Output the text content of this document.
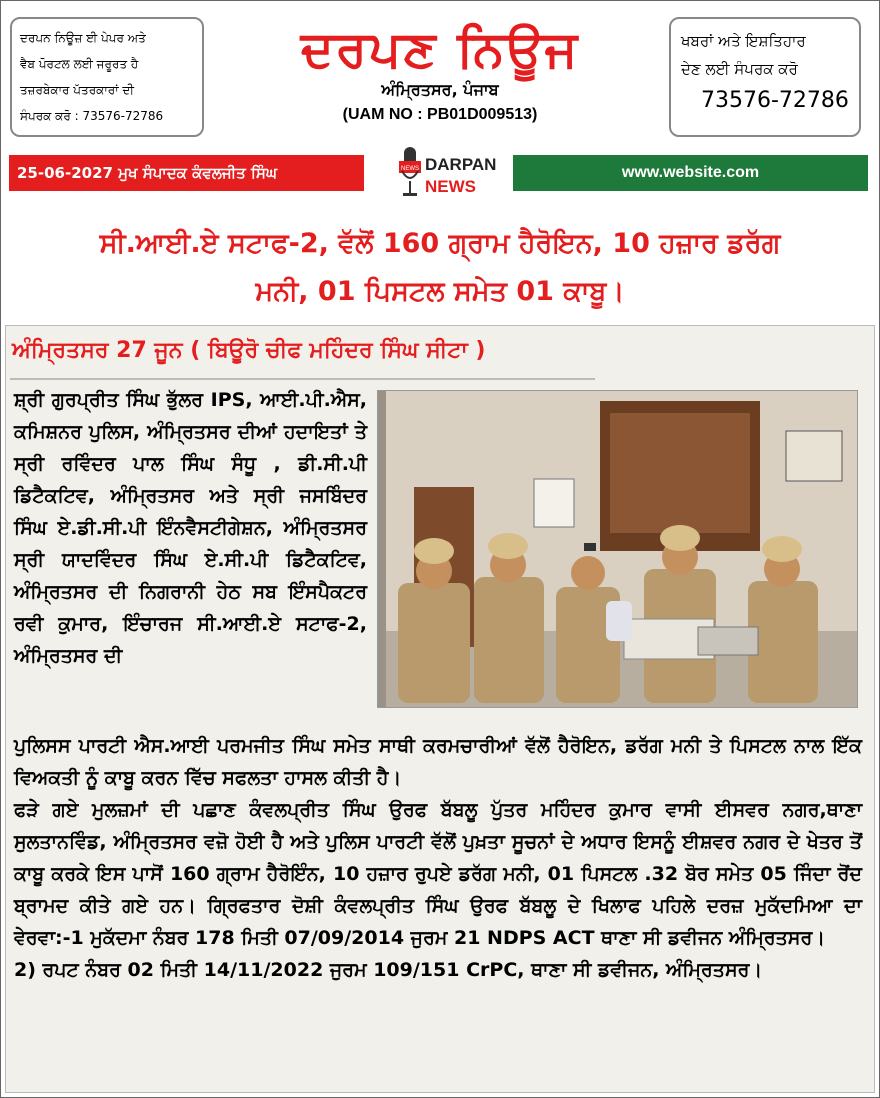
ਦਰਪਨ ਨਿਊਜ਼ ਈ ਪੇਪਰ ਅਤੇ
ਵੈਬ ਪੋਰਟਲ ਲਈ ਜਰੂਰਤ ਹੈ
ਤਜ਼ਰਬੇਕਾਰ ਪੱਤਰਕਾਰਾਂ ਦੀ
ਸੰਪਰਕ ਕਰੋ : 73576-72786
ਦਰਪਣ ਨਿਊਜ
ਅੰਮ੍ਰਿਤਸਰ, ਪੰਜਾਬ
(UAM NO : PB01D009513)
ਖਬਰਾਂ ਅਤੇ ਇਸ਼ਤਿਹਾਰ
ਦੇਣ ਲਈ ਸੰਪਰਕ ਕਰੋ
73576-72786
25-06-2027 ਮੁਖ ਸੰਪਾਦਕ ਕੰਵਲਜੀਤ ਸਿੰਘ	NEWS DARPAN
NEWS
www.website.com
ਸੀ.ਆਈ.ਏ ਸਟਾਫ-2, ਵੱਲੋਂ 160 ਗ੍ਰਾਮ ਹੈਰੋਇਨ, 10 ਹਜ਼ਾਰ ਡਰੱਗ
ਮਨੀ, 01 ਪਿਸਟਲ ਸਮੇਤ 01 ਕਾਬੂ।
ਅੰਮ੍ਰਿਤਸਰ 27 ਜੂਨ ( ਬਿਊਰੋ ਚੀਫ ਮਹਿੰਦਰ ਸਿੰਘ ਸੀਟਾ )
ਸ਼੍ਰੀ ਗੁਰਪ੍ਰੀਤ ਸਿੰਘ ਭੁੱਲਰ IPS, ਆਈ.ਪੀ.ਐਸ, ਕਮਿਸ਼ਨਰ ਪੁਲਿਸ, ਅੰਮ੍ਰਿਤਸਰ ਦੀਆਂ ਹਦਾਇਤਾਂ ਤੇ ਸ੍ਰੀ ਰਵਿੰਦਰ ਪਾਲ ਸਿੰਘ ਸੰਧੂ , ਡੀ.ਸੀ.ਪੀ ਡਿਟੈਕਟਿਵ, ਅੰਮ੍ਰਿਤਸਰ ਅਤੇ ਸ੍ਰੀ ਜਸਬਿੰਦਰ ਸਿੰਘ ਏ.ਡੀ.ਸੀ.ਪੀ ਇੰਨਵੈਸਟੀਗੇਸ਼ਨ, ਅੰਮ੍ਰਿਤਸਰ ਸ੍ਰੀ ਯਾਦਵਿੰਦਰ ਸਿੰਘ ਏ.ਸੀ.ਪੀ ਡਿਟੈਕਟਿਵ, ਅੰਮ੍ਰਿਤਸਰ ਦੀ ਨਿਗਰਾਨੀ ਹੇਠ ਸਬ ਇੰਸਪੈਕਟਰ ਰਵੀ ਕੁਮਾਰ, ਇੰਚਾਰਜ ਸੀ.ਆਈ.ਏ ਸਟਾਫ-2, ਅੰਮ੍ਰਿਤਸਰ ਦੀ

ਪੁਲਿਸਸ ਪਾਰਟੀ ਐਸ.ਆਈ ਪਰਮਜੀਤ ਸਿੰਘ ਸਮੇਤ ਸਾਥੀ ਕਰਮਚਾਰੀਆਂ ਵੱਲੋਂ ਹੈਰੋਇਨ, ਡਰੱਗ ਮਨੀ ਤੇ ਪਿਸਟਲ ਨਾਲ ਇੱਕ ਵਿਅਕਤੀ ਨੂੰ ਕਾਬੂ ਕਰਨ ਵਿੱਚ ਸਫਲਤਾ ਹਾਸਲ ਕੀਤੀ ਹੈ।

ਫੜੇ ਗਏ ਮੁਲਜ਼ਮਾਂ ਦੀ ਪਛਾਣ ਕੰਵਲਪ੍ਰੀਤ ਸਿੰਘ ਉਰਫ ਬੱਬਲੂ ਪੁੱਤਰ ਮਹਿੰਦਰ ਕੁਮਾਰ ਵਾਸੀ ਈਸਵਰ ਨਗਰ,ਥਾਣਾ ਸੁਲਤਾਨਵਿੰਡ, ਅੰਮ੍ਰਿਤਸਰ ਵਜ਼ੋ ਹੋਈ ਹੈ ਅਤੇ ਪੁਲਿਸ ਪਾਰਟੀ ਵੱਲੋਂ ਪੁਖ਼ਤਾ ਸੂਚਨਾਂ ਦੇ ਅਧਾਰ ਇਸਨੂੰ ਈਸ਼ਵਰ ਨਗਰ ਦੇ ਖੇਤਰ ਤੋਂ ਕਾਬੂ ਕਰਕੇ ਇਸ ਪਾਸੋਂ 160 ਗ੍ਰਾਮ ਹੈਰੋਇੰਨ, 10 ਹਜ਼ਾਰ ਰੁਪਏ ਡਰੱਗ ਮਨੀ, 01 ਪਿਸਟਲ .32 ਬੋਰ ਸਮੇਤ 05 ਜਿੰਦਾ ਰੋਂਦ ਬ੍ਰਾਮਦ ਕੀਤੇ ਗਏ ਹਨ। ਗ੍ਰਿਫਤਾਰ ਦੋਸ਼ੀ ਕੰਵਲਪ੍ਰੀਤ ਸਿੰਘ ਉਰਫ ਬੱਬਲੂ ਦੇ ਖਿਲਾਫ ਪਹਿਲੇ ਦਰਜ਼ ਮੁਕੱਦਮਿਆ ਦਾ ਵੇਰਵਾ:-1 ਮੁਕੱਦਮਾ ਨੰਬਰ 178 ਮਿਤੀ 07/09/2014 ਜੁਰਮ 21 NDPS ACT ਥਾਣਾ ਸੀ ਡਵੀਜਨ ਅੰਮ੍ਰਿਤਸਰ।

2) ਰਪਟ ਨੰਬਰ 02 ਮਿਤੀ 14/11/2022 ਜੁਰਮ 109/151 CrPC, ਥਾਣਾ ਸੀ ਡਵੀਜਨ, ਅੰਮ੍ਰਿਤਸਰ।
